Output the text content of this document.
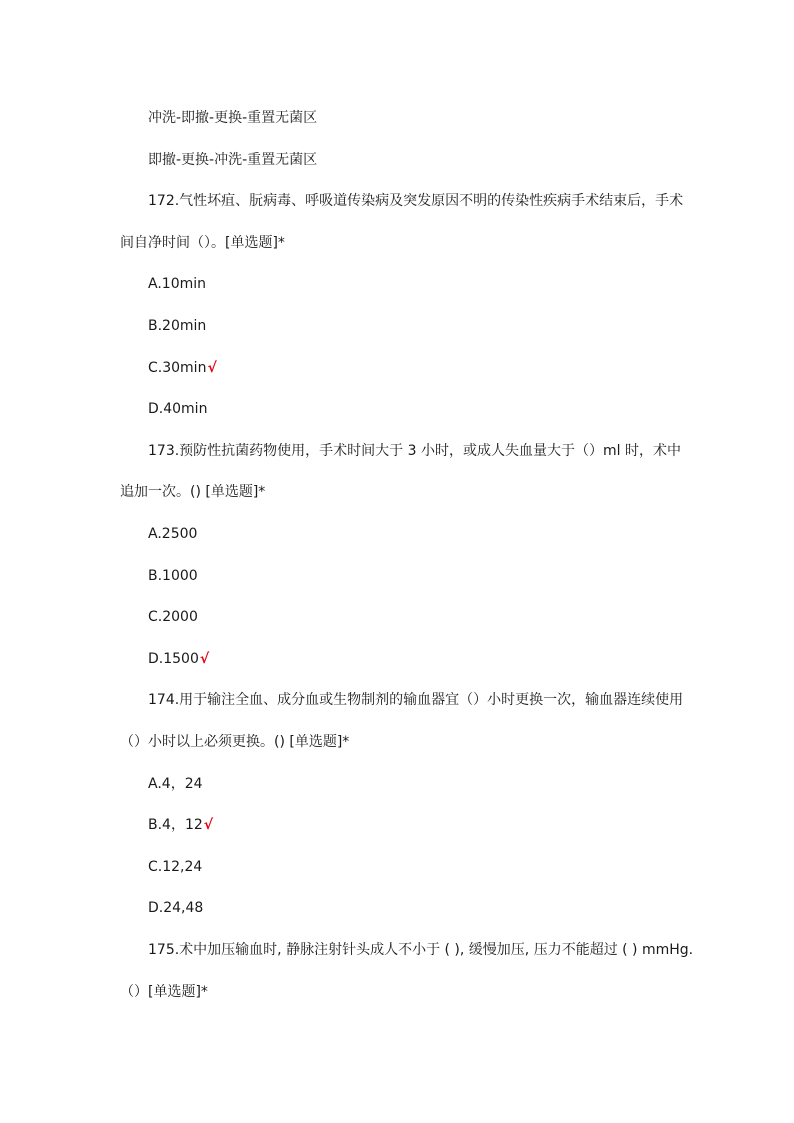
冲洗-即撤-更换-重置无菌区
即撤-更换-冲洗-重置无菌区
172.气性坏疽、朊病毒、呼吸道传染病及突发原因不明的传染性疾病手术结束后，手术
间自净时间（）。[单选题]*
A.10min
B.20min
C.30min√
D.40min
173.预防性抗菌药物使用，手术时间大于 3 小时，或成人失血量大于（）ml 时，术中
追加一次。() [单选题]*
A.2500
B.1000
C.2000
D.1500√
174.用于输注全血、成分血或生物制剂的输血器宜（）小时更换一次，输血器连续使用
（）小时以上必须更换。() [单选题]*
A.4，24
B.4，12√
C.12,24
D.24,48
175.术中加压输血时, 静脉注射针头成人不小于 ( ), 缓慢加压, 压力不能超过 ( ) mmHg.
（）[单选题]*
